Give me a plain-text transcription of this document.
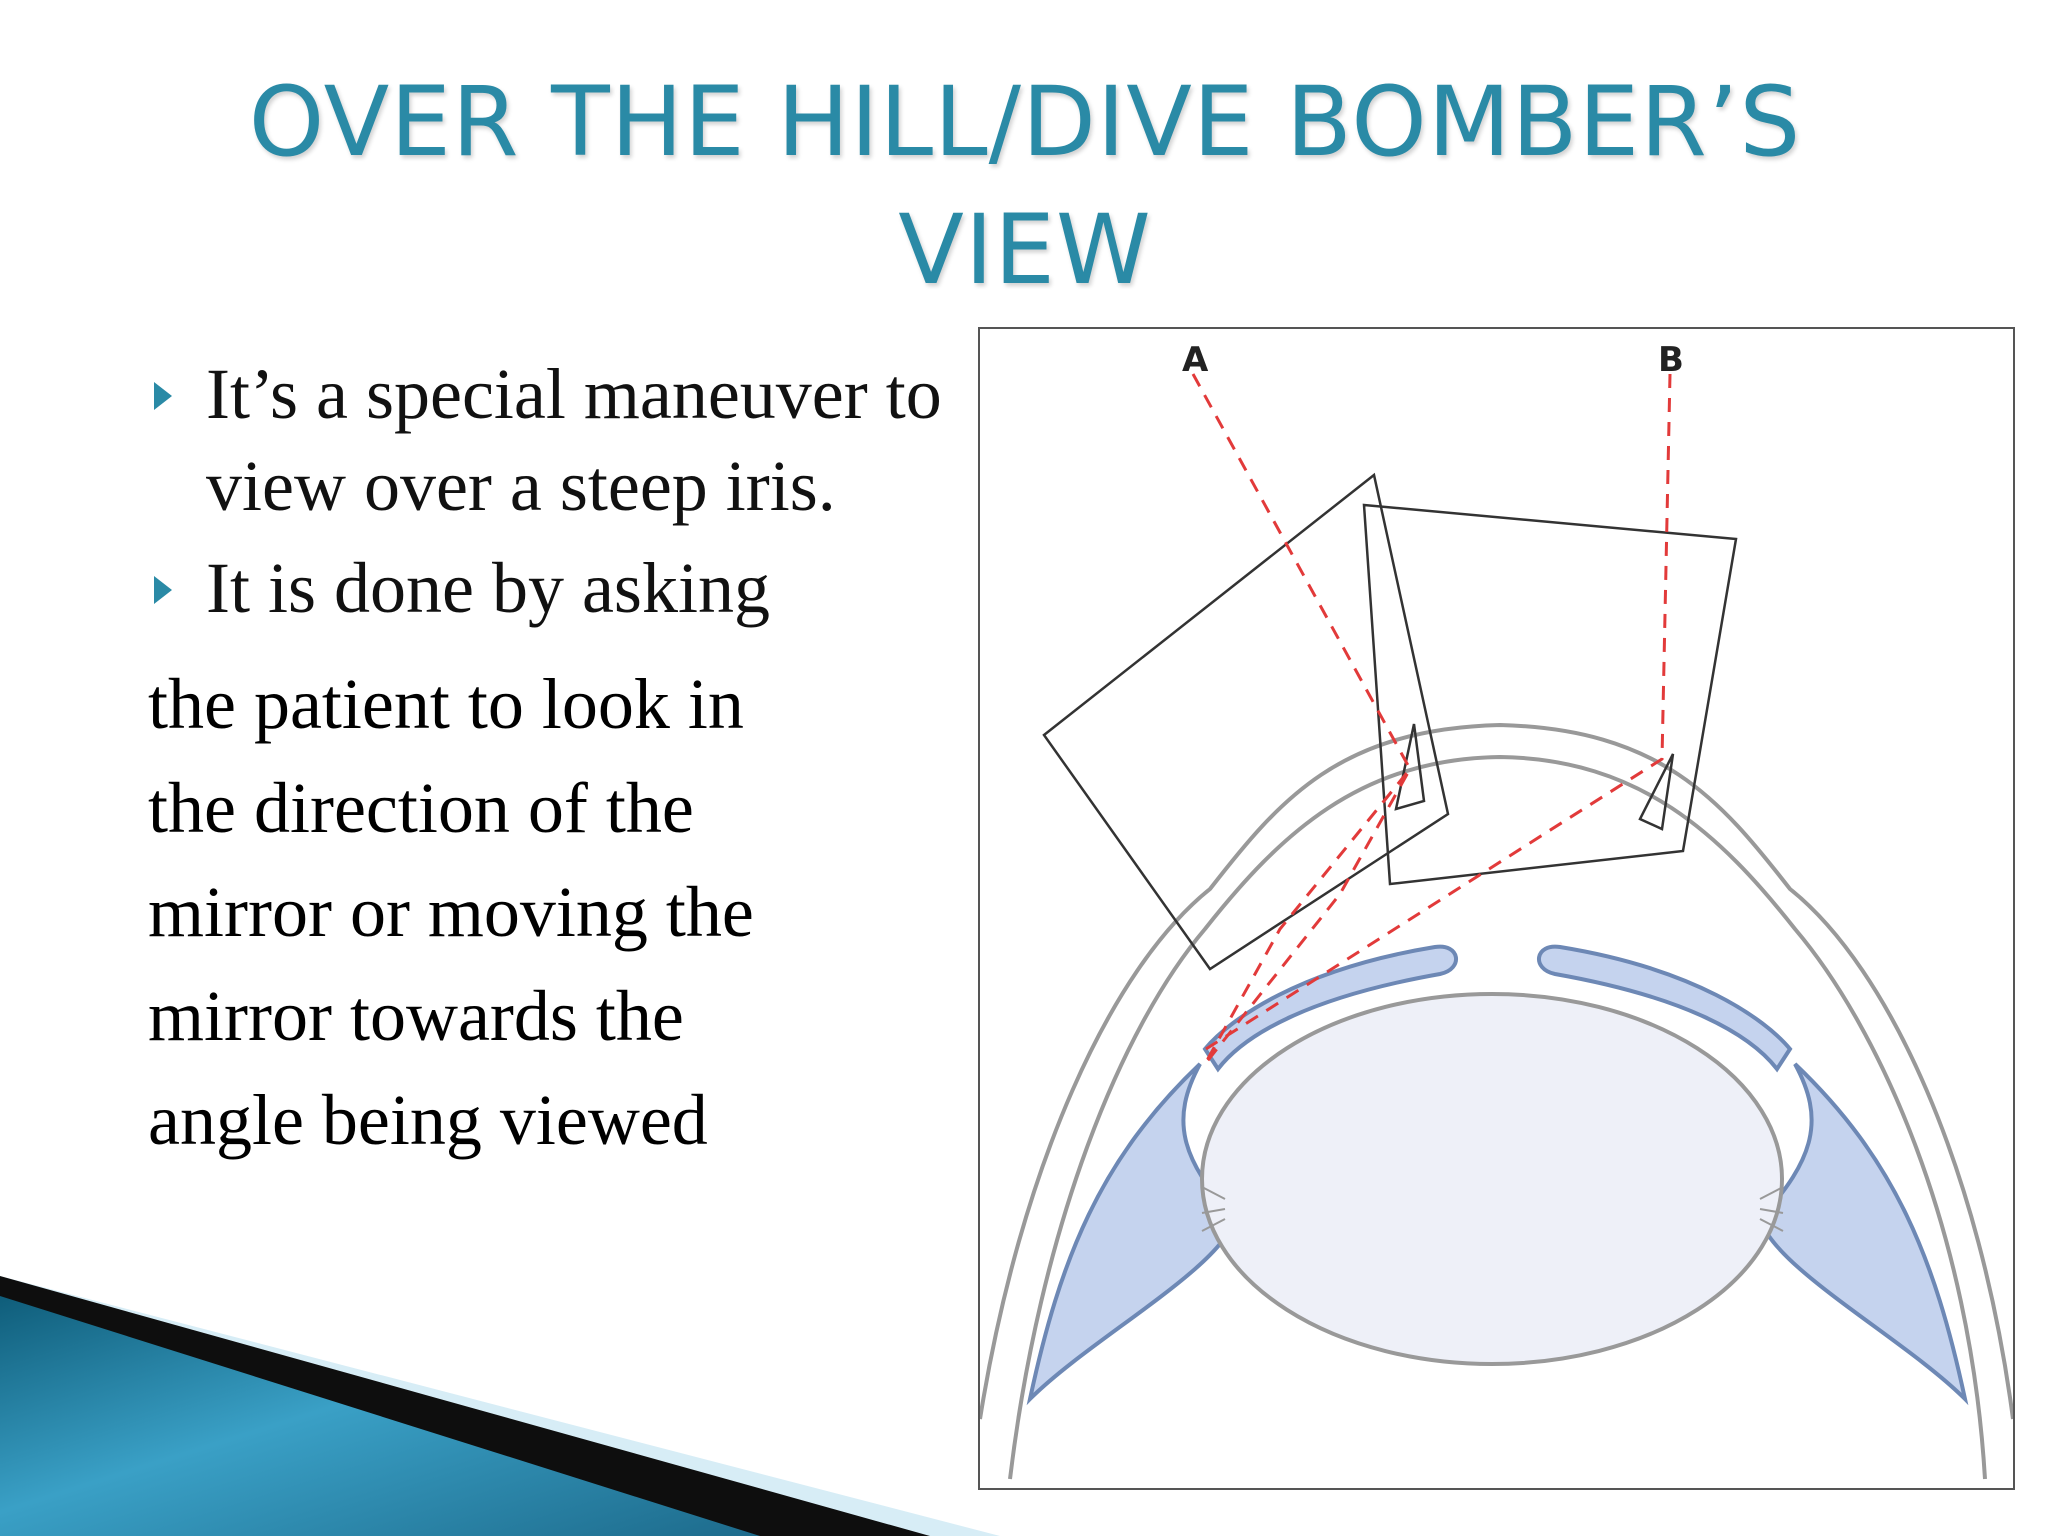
OVER THE HILL/DIVE BOMBER’S
VIEW
It’s a special maneuver to view over a steep iris.
It is done by asking
the patient to look in
the direction of the
mirror or moving the
mirror towards the
angle being viewed
A	B
